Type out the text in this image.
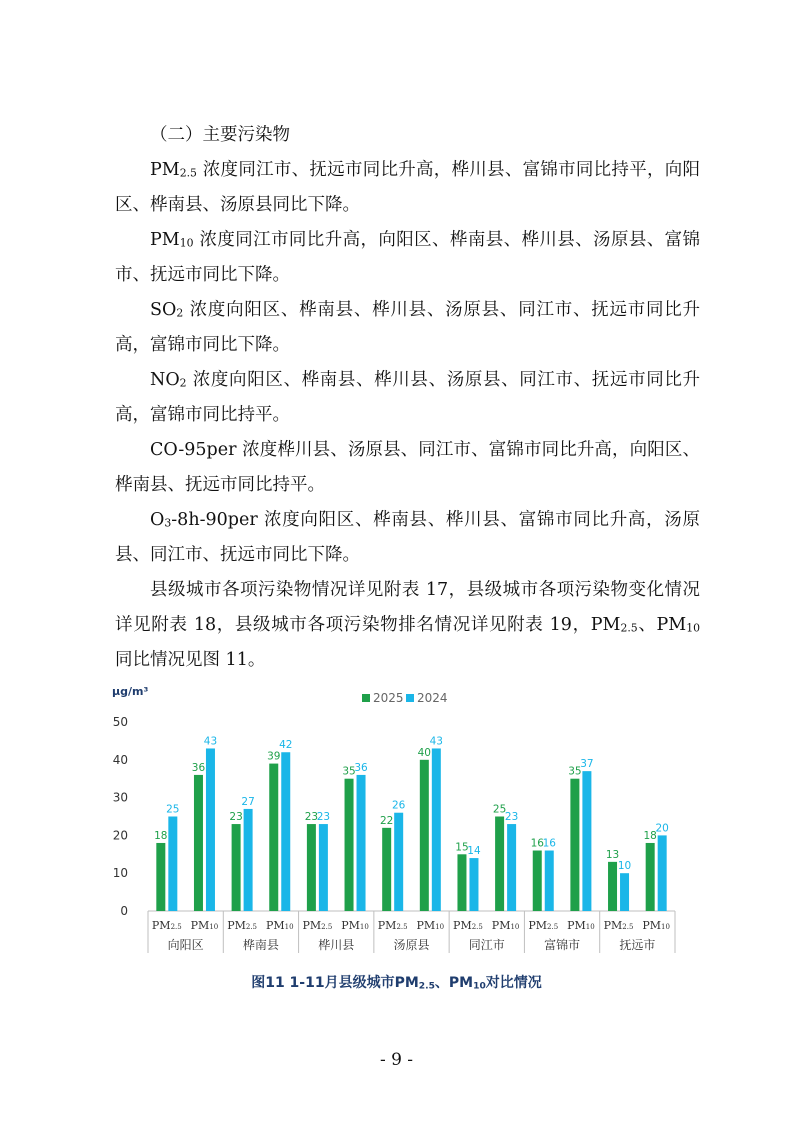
（二）主要污染物

$PM_{2.5}$ 浓度同江市、抚远市同比升高，桦川县、富锦市同比持平，向阳区、桦南县、汤原县同比下降。

$PM_{10}$ 浓度同江市同比升高，向阳区、桦南县、桦川县、汤原县、富锦市、抚远市同比下降。

$SO_2$ 浓度向阳区、桦南县、桦川县、汤原县、同江市、抚远市同比升高，富锦市同比下降。

$NO_2$ 浓度向阳区、桦南县、桦川县、汤原县、同江市、抚远市同比升高，富锦市同比持平。

CO-95per 浓度桦川县、汤原县、同江市、富锦市同比升高，向阳区、桦南县、抚远市同比持平。

$O_3-8h-90per$ 浓度向阳区、桦南县、桦川县、富锦市同比升高，汤原县、同江市、抚远市同比下降。

县级城市各项污染物情况详见附表 17，县级城市各项污染物变化情况详见附表 18，县级城市各项污染物排名情况详见附表 19，$PM_{2.5}$、$PM_{10}$ 同比情况见图 11。

μg/m³
0
10
20
30
40
50
2025 2024
向阳区
PM2.5
18
25
PM10
36
43
桦南县
PM2.5
23
27
PM10
39
42
桦川县
PM2.5
23
23
PM10
35
36
汤原县
PM2.5
22
26
PM10
40
43
同江市
PM2.5
15
14
PM10
25
23
富锦市
PM2.5
16
16
PM10
35
37
抚远市
PM2.5
13
10
PM10
18
20
图11 1-11月县级城市$PM_{2.5}$、$PM_{10}$对比情况
- 9 -
